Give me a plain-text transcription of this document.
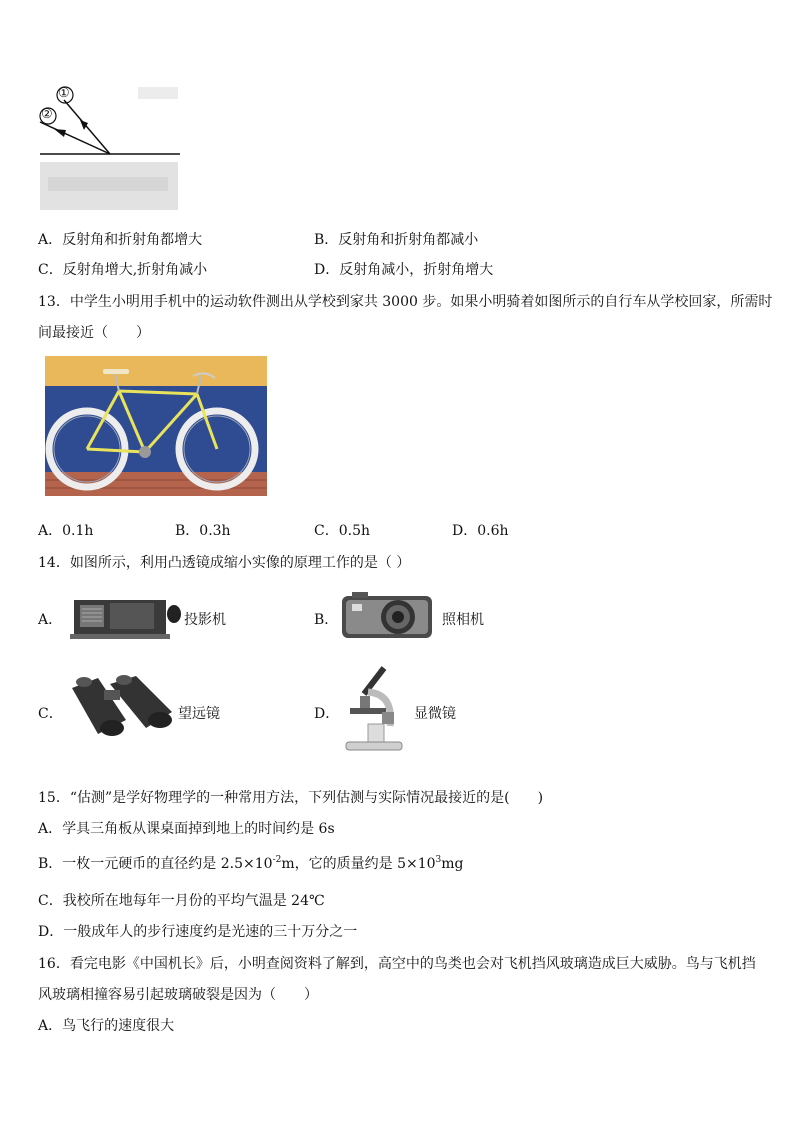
①
②
A．反射角和折射角都增大	B．反射角和折射角都减小
C．反射角增大,折射角减小	D．反射角减小，折射角增大
13．中学生小明用手机中的运动软件测出从学校到家共 3000 步。如果小明骑着如图所示的自行车从学校回家，所需时
间最接近（　　）
A．0.1h	B．0.3h	C．0.5h	D．0.6h
14．如图所示，利用凸透镜成缩小实像的原理工作的是（ ）
A．	投影机	B．	照相机
C．	望远镜	D．	显微镜
15．“估测”是学好物理学的一种常用方法，下列估测与实际情况最接近的是(　　)
A．学具三角板从课桌面掉到地上的时间约是 6s
B．一枚一元硬币的直径约是 $2.5\times 10^{-2}m$，它的质量约是 $5\times 10^3mg$
C．我校所在地每年一月份的平均气温是 24℃
D．一般成年人的步行速度约是光速的三十万分之一
16．看完电影《中国机长》后，小明查阅资料了解到，高空中的鸟类也会对飞机挡风玻璃造成巨大威胁。鸟与飞机挡
风玻璃相撞容易引起玻璃破裂是因为（　　）
A．鸟飞行的速度很大
